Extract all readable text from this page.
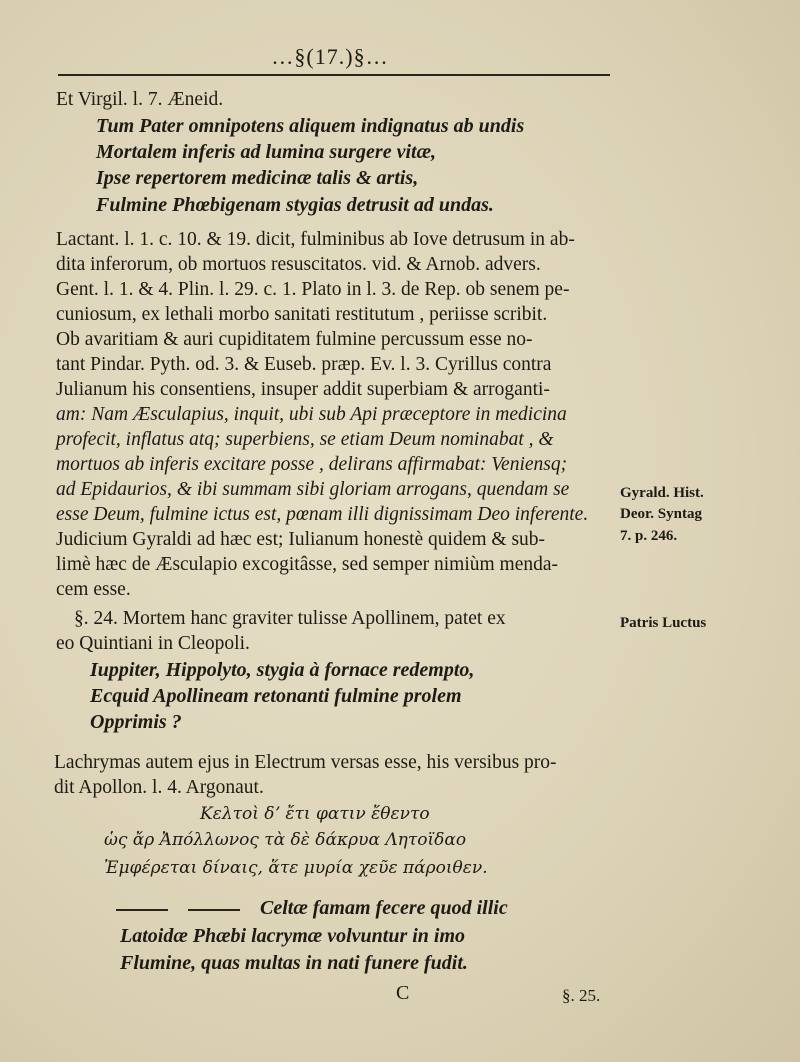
…§(17.)§…
Et Virgil. l. 7. Æneid.
Tum Pater omnipotens aliquem indignatus ab undis
Mortalem inferis ad lumina surgere vitæ,
Ipse repertorem medicinæ talis & artis,
Fulmine Phœbigenam stygias detrusit ad undas.
Lactant. l. 1. c. 10. & 19. dicit, fulminibus ab Iove detrusum in ab-
dita inferorum, ob mortuos resuscitatos. vid. & Arnob. advers.
Gent. l. 1. & 4. Plin. l. 29. c. 1. Plato in l. 3. de Rep. ob senem pe-
cuniosum, ex lethali morbo sanitati restitutum , periisse scribit.
Ob avaritiam & auri cupiditatem fulmine percussum esse no-
tant Pindar. Pyth. od. 3. & Euseb. præp. Ev. l. 3. Cyrillus contra
Julianum his consentiens, insuper addit superbiam & arroganti-
am: Nam Æsculapius, inquit, ubi sub Api præceptore in medicina
profecit, inflatus atq; superbiens, se etiam Deum nominabat , &
mortuos ab inferis excitare posse , delirans affirmabat: Veniensq;
ad Epidaurios, & ibi summam sibi gloriam arrogans, quendam se
esse Deum, fulmine ictus est, pœnam illi dignissimam Deo inferente.
Judicium Gyraldi ad hæc est; Iulianum honestè quidem & sub-
limè hæc de Æsculapio excogitâsse, sed semper nimiùm menda-
cem esse.
§. 24. Mortem hanc graviter tulisse Apollinem, patet ex
eo Quintiani in Cleopoli.
Iuppiter, Hippolyto, stygia à fornace redempto,
Ecquid Apollineam retonanti fulmine prolem
Opprimis ?
Lachrymas autem ejus in Electrum versas esse, his versibus pro-
dit Apollon. l. 4. Argonaut.
Κελτοὶ δʼ ἔτι φατιν ἔθεντο
ὡς ἄρ Ἀπόλλωνος τὰ δὲ δάκρυα Λητοϊδαο
Ἐμφέρεται δίναις, ἅτε μυρία χεῦε πάροιθεν.
Celtæ famam fecere quod illic
Latoidæ Phæbi lacrymæ volvuntur in imo
Flumine, quas multas in nati funere fudit.
Gyrald. Hist.
Deor. Syntag
7. p. 246.
Patris Luctus
C	§. 25.
